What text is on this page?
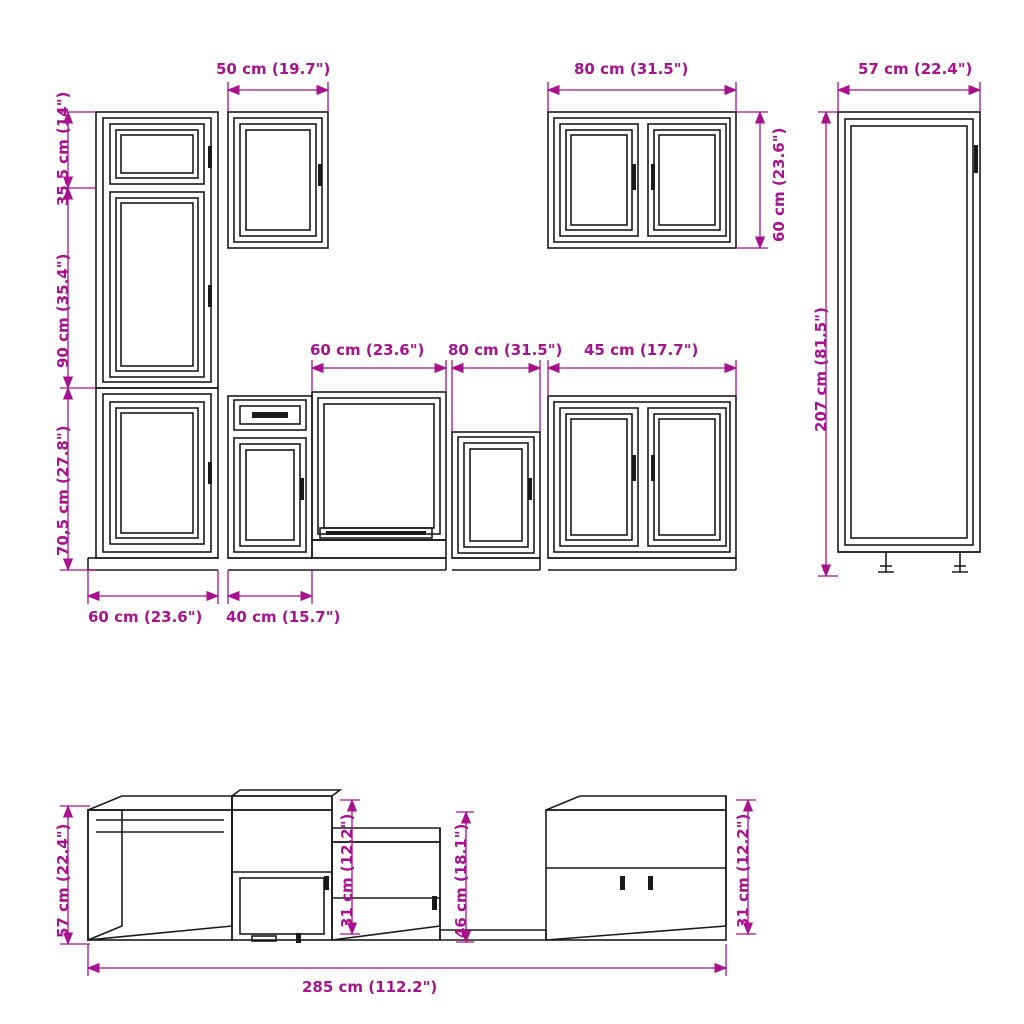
50 cm (19.7")	80 cm (31.5")	57 cm (22.4")
35,5 cm (14")
90 cm (35.4")
70,5 cm (27.8")
60 cm (23.6")
207 cm (81.5")
60 cm (23.6") 80 cm (31.5") 45 cm (17.7")
60 cm (23.6") 40 cm (15.7")
57 cm (22.4")	31 cm (12.2")	46 cm (18.1")	31 cm (12.2")
285 cm (112.2")
